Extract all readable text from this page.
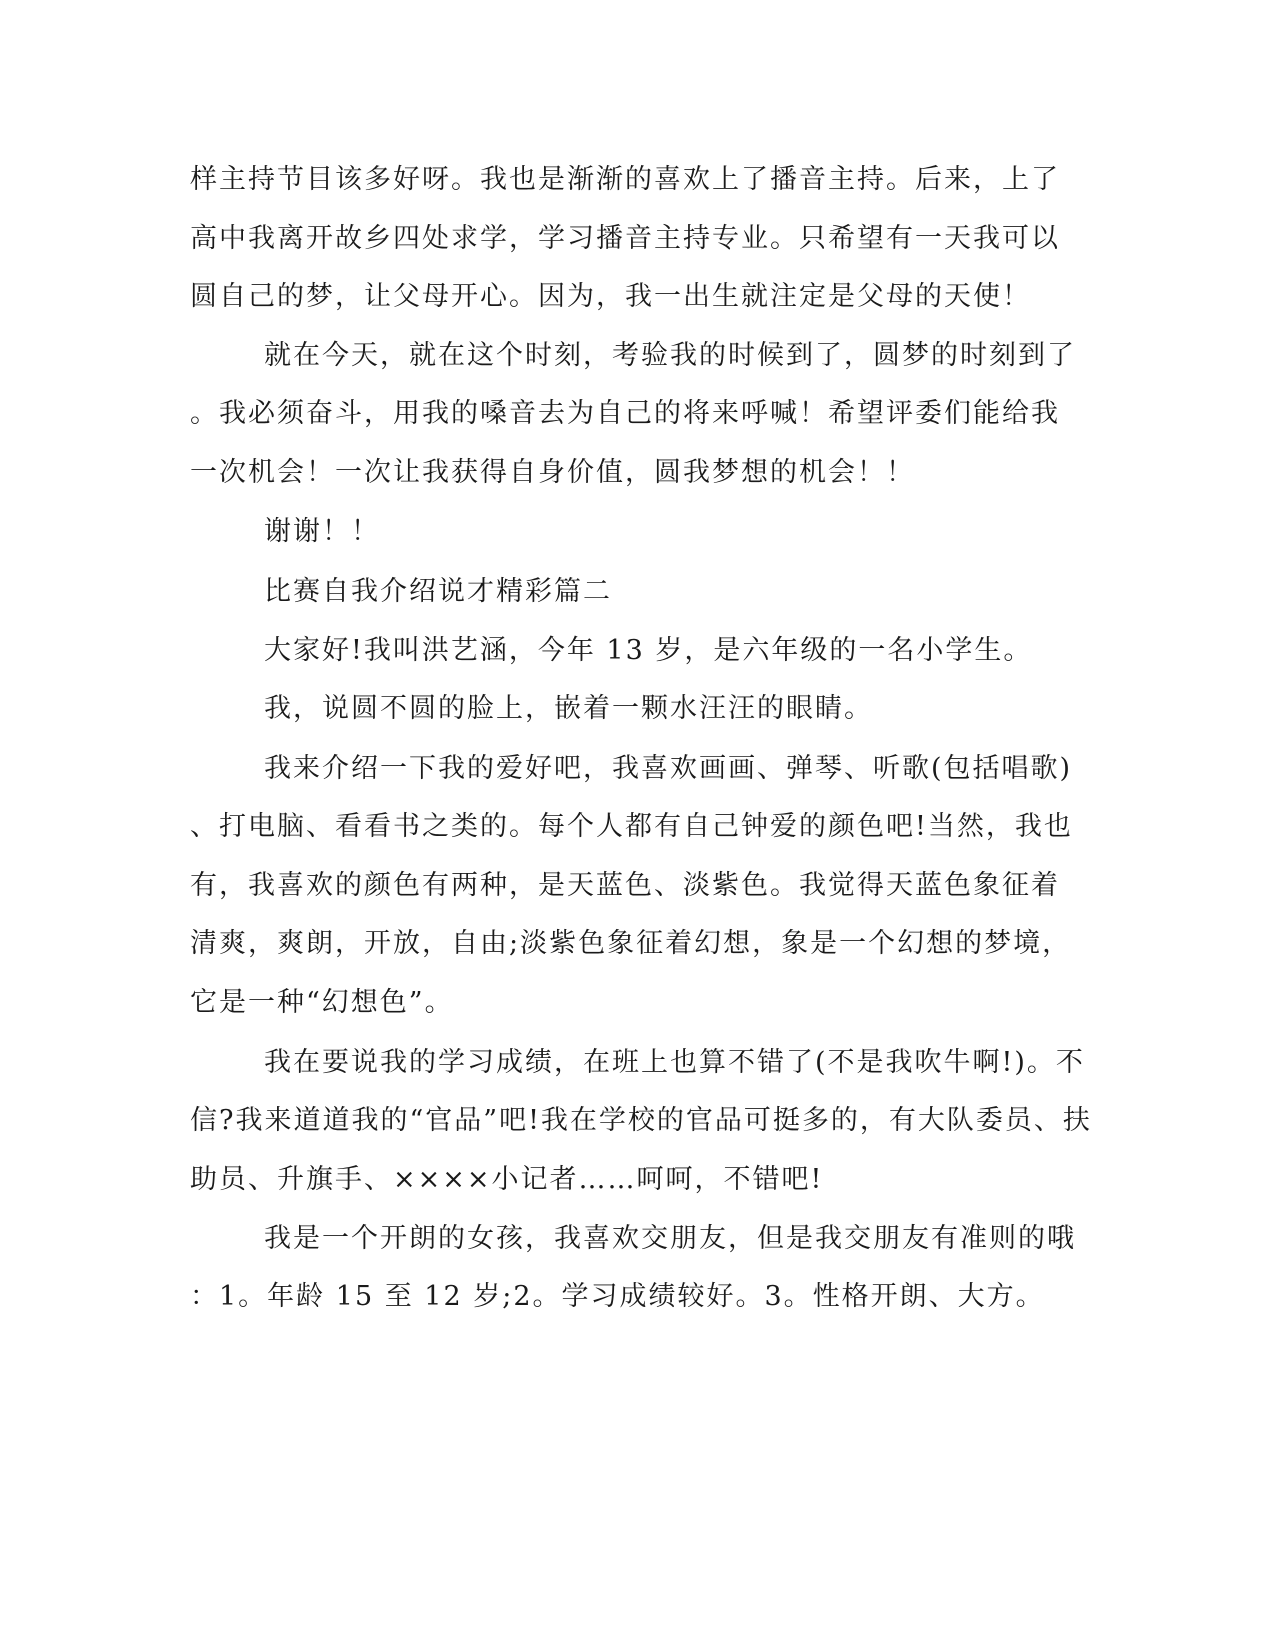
样主持节目该多好呀。我也是渐渐的喜欢上了播音主持。后来，上了
高中我离开故乡四处求学，学习播音主持专业。只希望有一天我可以
圆自己的梦，让父母开心。因为，我一出生就注定是父母的天使！
就在今天，就在这个时刻，考验我的时候到了，圆梦的时刻到了
。我必须奋斗，用我的嗓音去为自己的将来呼喊！希望评委们能给我
一次机会！一次让我获得自身价值，圆我梦想的机会！！
谢谢！！
比赛自我介绍说才精彩篇二
大家好!我叫洪艺涵，今年 13 岁，是六年级的一名小学生。
我，说圆不圆的脸上，嵌着一颗水汪汪的眼睛。
我来介绍一下我的爱好吧，我喜欢画画、弹琴、听歌(包括唱歌)
、打电脑、看看书之类的。每个人都有自己钟爱的颜色吧!当然，我也
有，我喜欢的颜色有两种，是天蓝色、淡紫色。我觉得天蓝色象征着
清爽，爽朗，开放，自由;淡紫色象征着幻想，象是一个幻想的梦境，
它是一种“幻想色”。
我在要说我的学习成绩，在班上也算不错了(不是我吹牛啊!)。不
信?我来道道我的“官品”吧!我在学校的官品可挺多的，有大队委员、扶
助员、升旗手、××××小记者……呵呵，不错吧!
我是一个开朗的女孩，我喜欢交朋友，但是我交朋友有准则的哦
：1。年龄 15 至 12 岁;2。学习成绩较好。3。性格开朗、大方。
